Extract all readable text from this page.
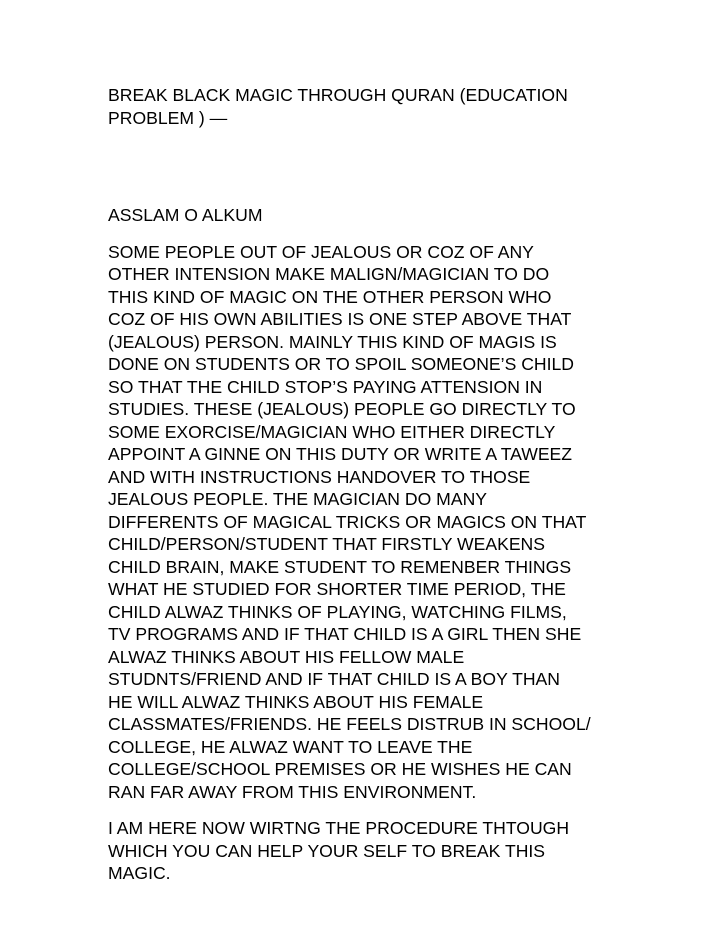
BREAK BLACK MAGIC THROUGH QURAN (EDUCATION
PROBLEM ) —

ASSLAM O ALKUM

SOME PEOPLE OUT OF JEALOUS OR COZ OF ANY
OTHER INTENSION MAKE MALIGN/MAGICIAN TO DO
THIS KIND OF MAGIC ON THE OTHER PERSON WHO
COZ OF HIS OWN ABILITIES IS ONE STEP ABOVE THAT
(JEALOUS) PERSON. MAINLY THIS KIND OF MAGIS IS
DONE ON STUDENTS OR TO SPOIL SOMEONE’S CHILD
SO THAT THE CHILD STOP’S PAYING ATTENSION IN
STUDIES. THESE (JEALOUS) PEOPLE GO DIRECTLY TO
SOME EXORCISE/MAGICIAN WHO EITHER DIRECTLY
APPOINT A GINNE ON THIS DUTY OR WRITE A TAWEEZ
AND WITH INSTRUCTIONS HANDOVER TO THOSE
JEALOUS PEOPLE. THE MAGICIAN DO MANY
DIFFERENTS OF MAGICAL TRICKS OR MAGICS ON THAT
CHILD/PERSON/STUDENT THAT FIRSTLY WEAKENS
CHILD BRAIN, MAKE STUDENT TO REMENBER THINGS
WHAT HE STUDIED FOR SHORTER TIME PERIOD, THE
CHILD ALWAZ THINKS OF PLAYING, WATCHING FILMS,
TV PROGRAMS AND IF THAT CHILD IS A GIRL THEN SHE
ALWAZ THINKS ABOUT HIS FELLOW MALE
STUDNTS/FRIEND AND IF THAT CHILD IS A BOY THAN
HE WILL ALWAZ THINKS ABOUT HIS FEMALE
CLASSMATES/FRIENDS. HE FEELS DISTRUB IN SCHOOL/
COLLEGE, HE ALWAZ WANT TO LEAVE THE
COLLEGE/SCHOOL PREMISES OR HE WISHES HE CAN
RAN FAR AWAY FROM THIS ENVIRONMENT.

I AM HERE NOW WIRTNG THE PROCEDURE THTOUGH
WHICH YOU CAN HELP YOUR SELF TO BREAK THIS
MAGIC.
